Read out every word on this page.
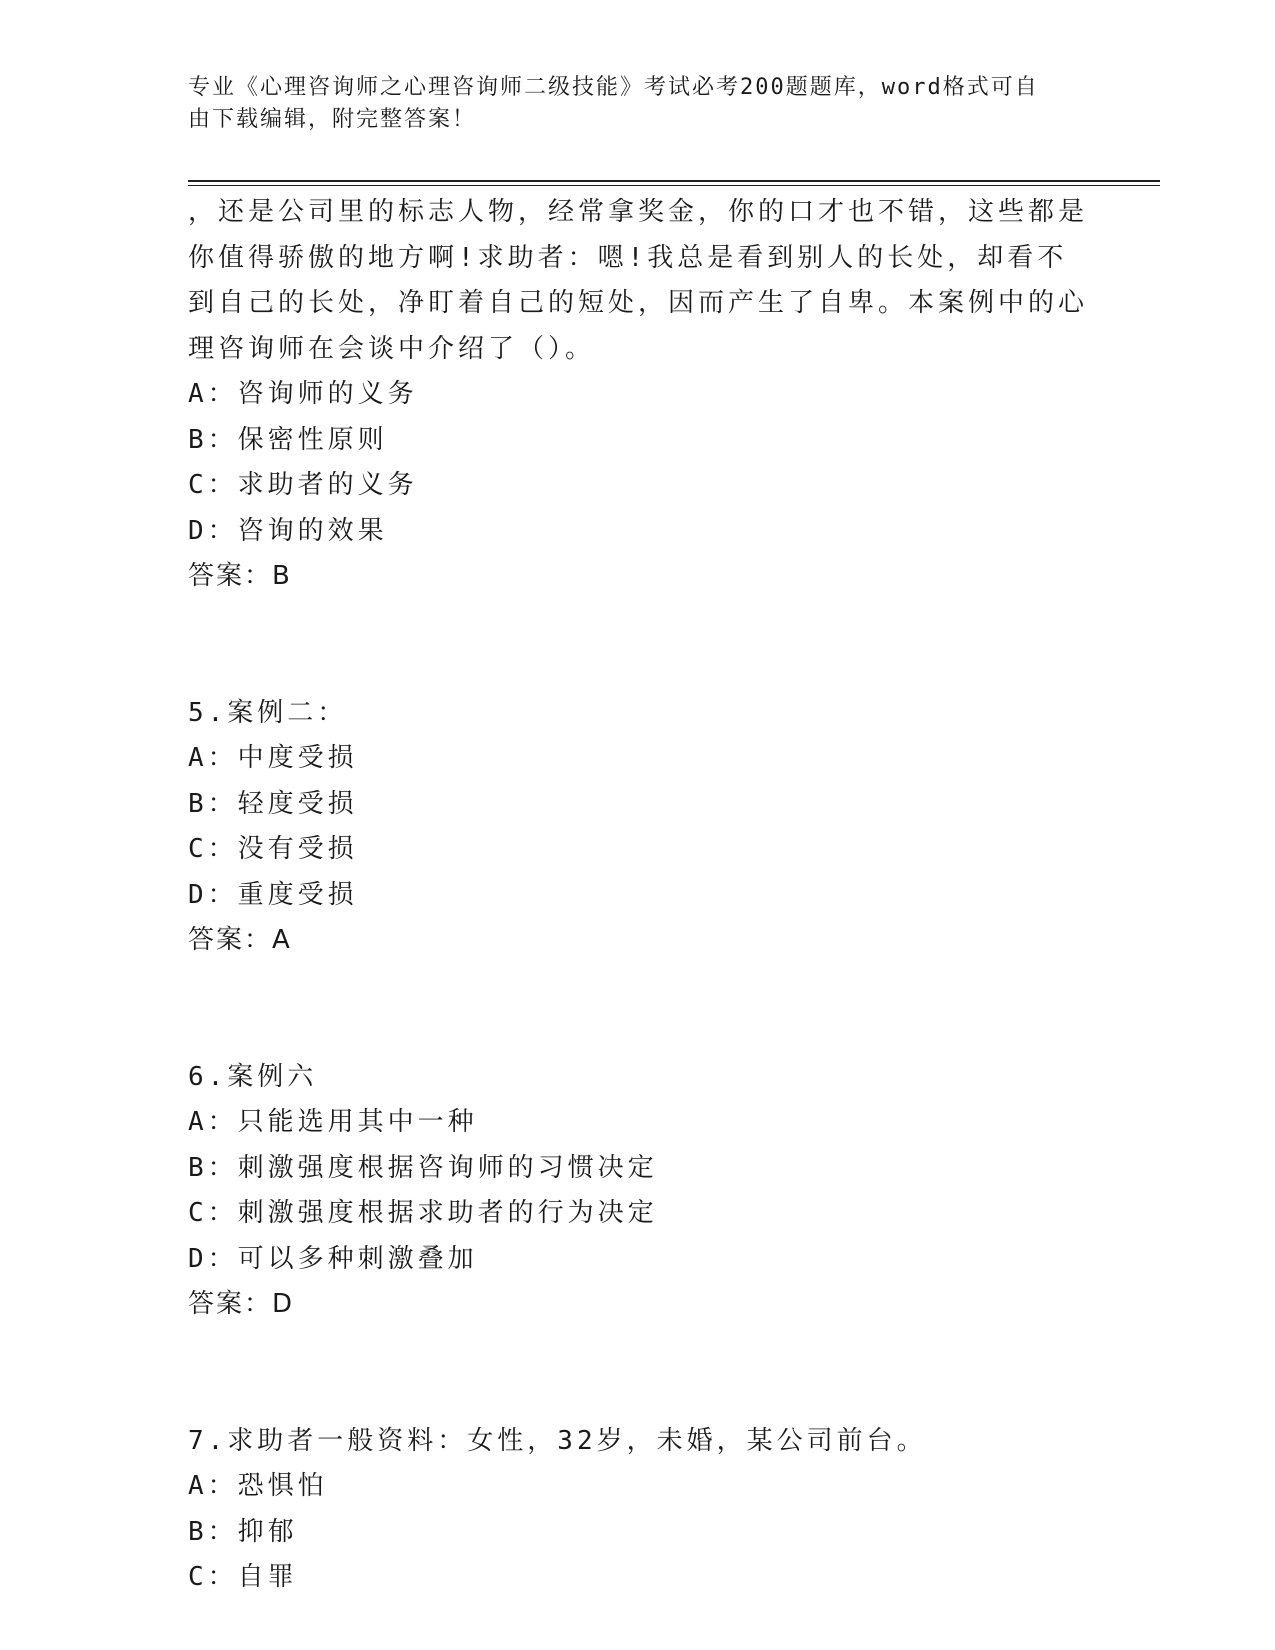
专业《心理咨询师之心理咨询师二级技能》考试必考200题题库，word格式可自
由下载编辑，附完整答案！

，还是公司里的标志人物，经常拿奖金，你的口才也不错，这些都是你值得骄傲的地方啊!求助者：嗯!我总是看到别人的长处，却看不到自己的长处，净盯着自己的短处，因而产生了自卑。本案例中的心理咨询师在会谈中介绍了（）。

A：咨询师的义务
B：保密性原则
C：求助者的义务
D：咨询的效果
答案：B
5.案例二：
A：中度受损
B：轻度受损
C：没有受损
D：重度受损
答案：A
6.案例六
A：只能选用其中一种
B：刺激强度根据咨询师的习惯决定
C：刺激强度根据求助者的行为决定
D：可以多种刺激叠加
答案：D
7.求助者一般资料：女性，32岁，未婚，某公司前台。
A：恐惧怕
B：抑郁
C：自罪
